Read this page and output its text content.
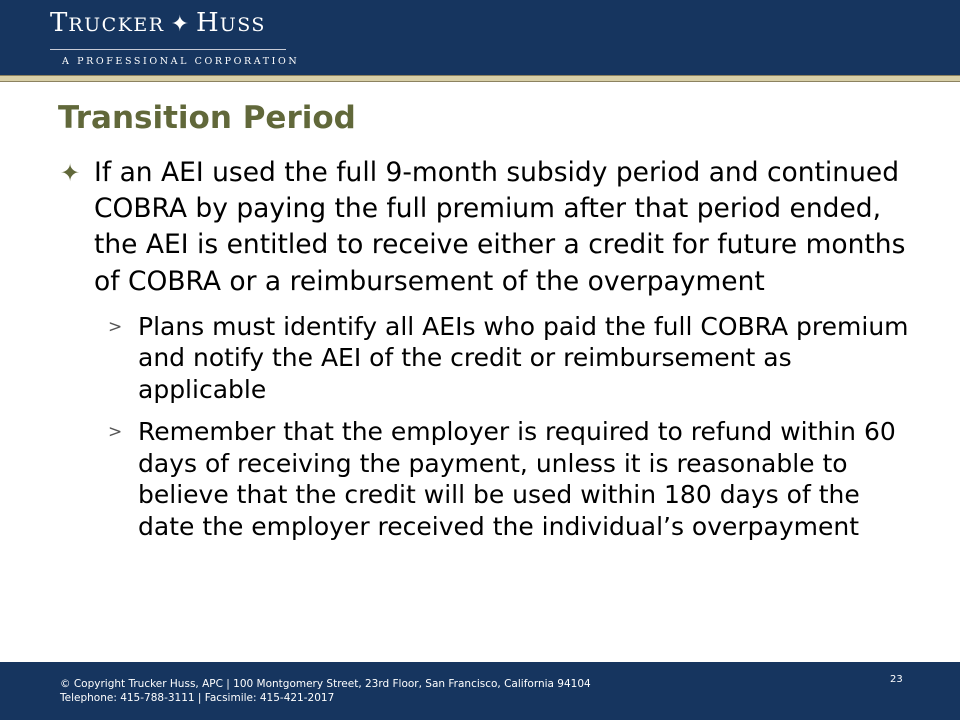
TRUCKER ✦ HUSS
A PROFESSIONAL CORPORATION
Transition Period
✦ If an AEI used the full 9-month subsidy period and continued COBRA by paying the full premium after that period ended, the AEI is entitled to receive either a credit for future months of COBRA or a reimbursement of the overpayment
> Plans must identify all AEIs who paid the full COBRA premium and notify the AEI of the credit or reimbursement as applicable
> Remember that the employer is required to refund within 60 days of receiving the payment, unless it is reasonable to believe that the credit will be used within 180 days of the date the employer received the individual’s overpayment
© Copyright Trucker Huss, APC | 100 Montgomery Street, 23rd Floor, San Francisco, California 94104
Telephone: 415-788-3111 | Facsimile: 415-421-2017
23
